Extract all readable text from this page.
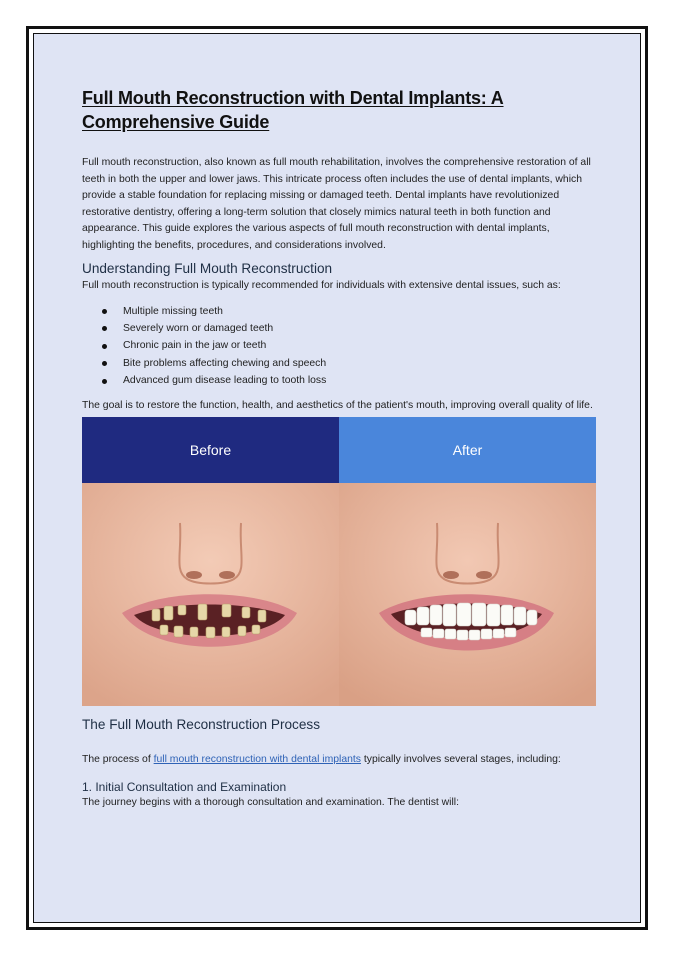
Full Mouth Reconstruction with Dental Implants: A Comprehensive Guide

Full mouth reconstruction, also known as full mouth rehabilitation, involves the comprehensive restoration of all teeth in both the upper and lower jaws. This intricate process often includes the use of dental implants, which provide a stable foundation for replacing missing or damaged teeth. Dental implants have revolutionized restorative dentistry, offering a long-term solution that closely mimics natural teeth in both function and appearance. This guide explores the various aspects of full mouth reconstruction with dental implants, highlighting the benefits, procedures, and considerations involved.

Understanding Full Mouth Reconstruction

Full mouth reconstruction is typically recommended for individuals with extensive dental issues, such as:

Multiple missing teeth
Severely worn or damaged teeth
Chronic pain in the jaw or teeth
Bite problems affecting chewing and speech
Advanced gum disease leading to tooth loss

The goal is to restore the function, health, and aesthetics of the patient's mouth, improving overall quality of life.

Before	After
The Full Mouth Reconstruction Process

The process of full mouth reconstruction with dental implants typically involves several stages, including:

1. Initial Consultation and Examination

The journey begins with a thorough consultation and examination. The dentist will:
